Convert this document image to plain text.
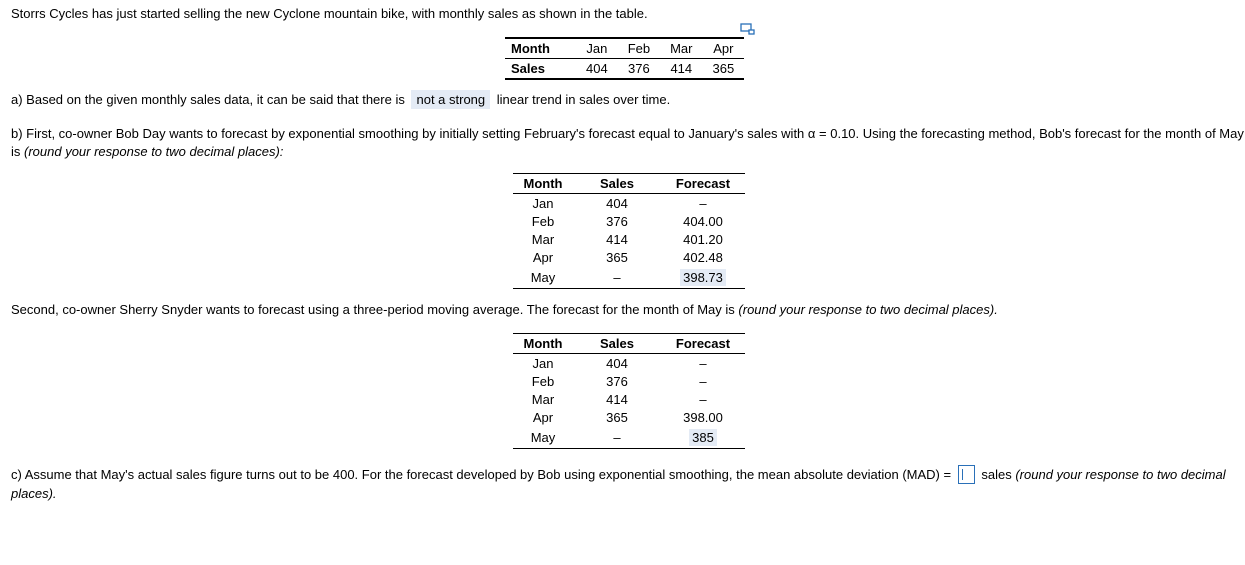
Storrs Cycles has just started selling the new Cyclone mountain bike, with monthly sales as shown in the table.
Month	Jan	Feb	Mar	Apr
Sales	404	376	414	365
a) Based on the given monthly sales data, it can be said that there is not a strong linear trend in sales over time.
b) First, co-owner Bob Day wants to forecast by exponential smoothing by initially setting February's forecast equal to January's sales with α = 0.10. Using the forecasting method, Bob's forecast for the month of May is (round your response to two decimal places):
Month	Sales	Forecast
Jan	404	–
Feb	376	404.00
Mar	414	401.20
Apr	365	402.48
May	–	398.73
Second, co-owner Sherry Snyder wants to forecast using a three-period moving average. The forecast for the month of May is (round your response to two decimal places).
Month	Sales	Forecast
Jan	404	–
Feb	376	–
Mar	414	–
Apr	365	398.00
May	–	385
c) Assume that May's actual sales figure turns out to be 400. For the forecast developed by Bob using exponential smoothing, the mean absolute deviation (MAD) = sales (round your response to two decimal places).
